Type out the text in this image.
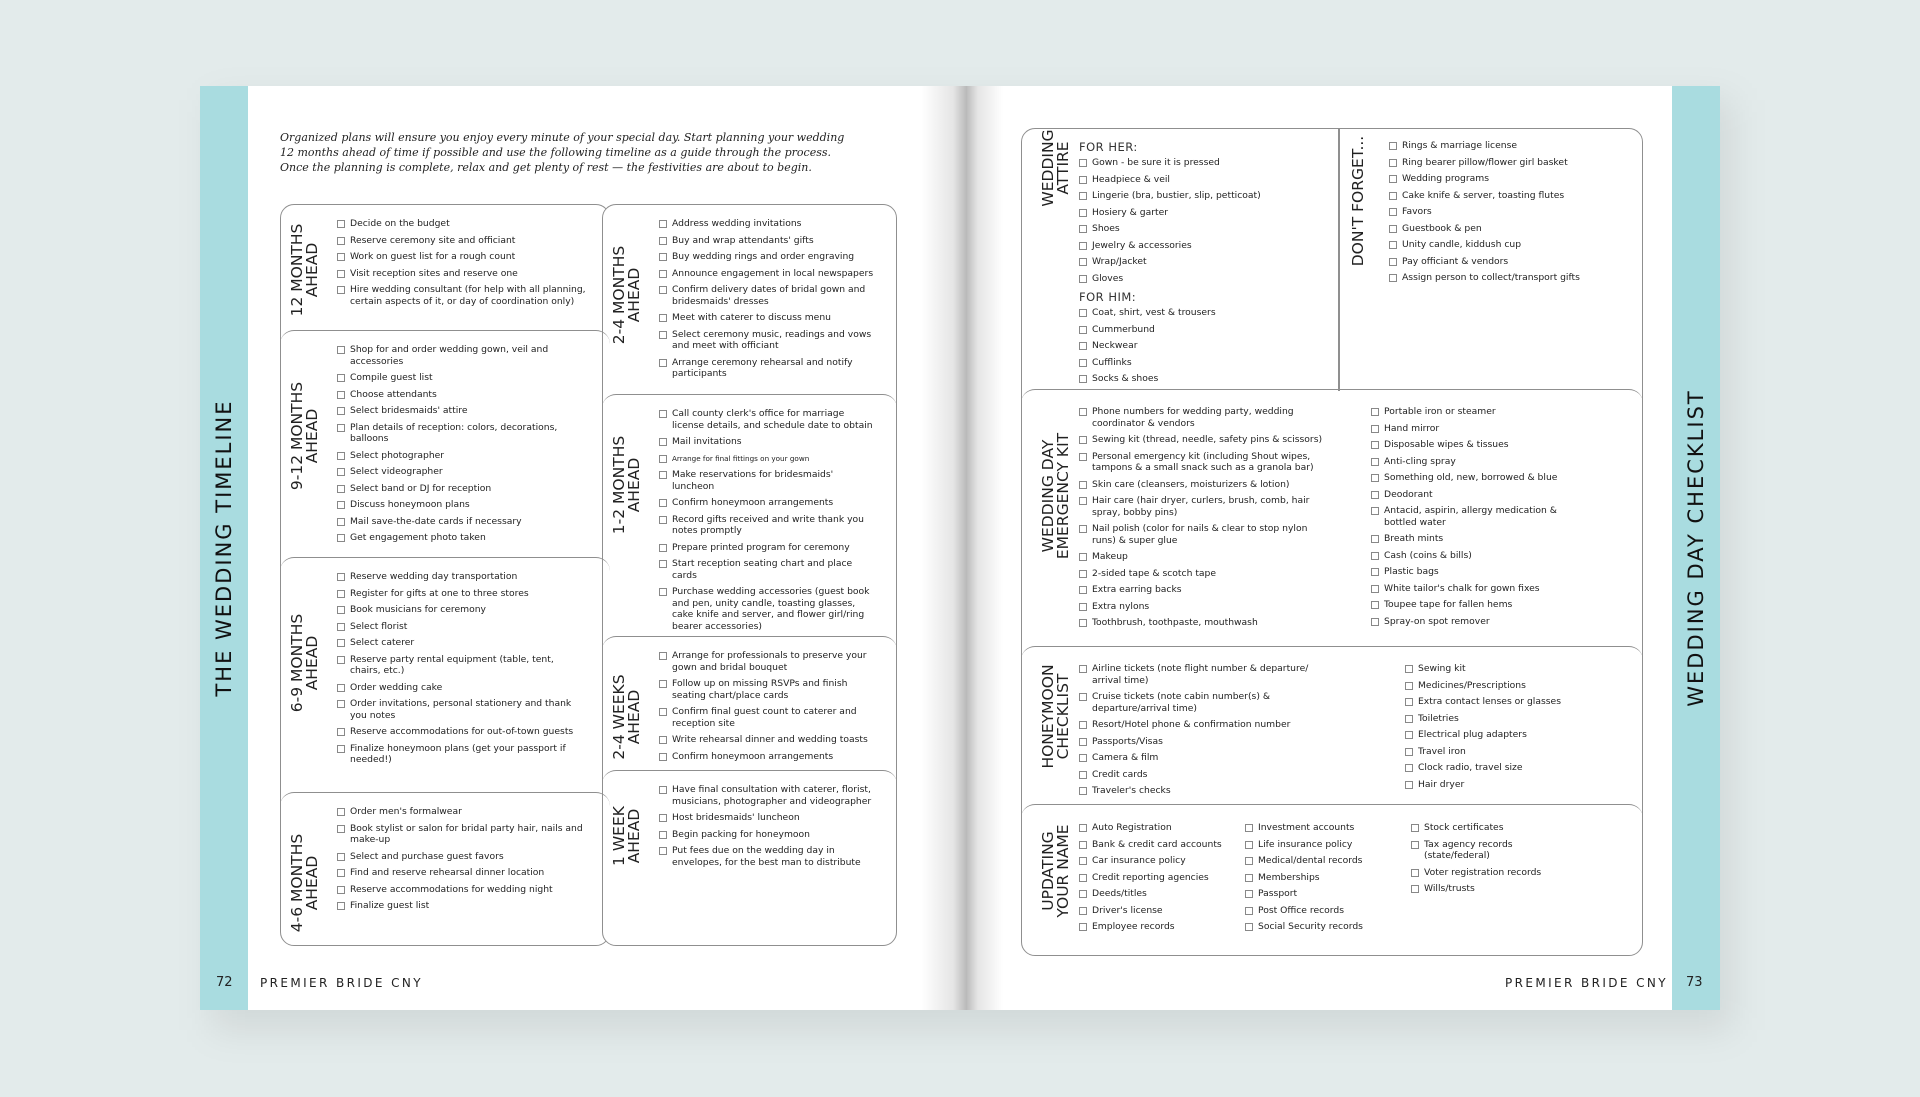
THE WEDDING TIMELINE
Organized plans will ensure you enjoy every minute of your special day. Start planning your wedding 12 months ahead of time if possible and use the following timeline as a guide through the process. Once the planning is complete, relax and get plenty of rest — the festivities are about to begin.
72 PREMIER BRIDE CNY
12 MONTHS
AHEAD
Decide on the budget
Reserve ceremony site and officiant
Work on guest list for a rough count
Visit reception sites and reserve one
Hire wedding consultant (for help with all planning, certain aspects of it, or day of coordination only)
9-12 MONTHS
AHEAD
Shop for and order wedding gown, veil and accessories
Compile guest list
Choose attendants
Select bridesmaids' attire
Plan details of reception: colors, decorations, balloons
Select photographer
Select videographer
Select band or DJ for reception
Discuss honeymoon plans
Mail save-the-date cards if necessary
Get engagement photo taken
6-9 MONTHS
AHEAD
Reserve wedding day transportation
Register for gifts at one to three stores
Book musicians for ceremony
Select florist
Select caterer
Reserve party rental equipment (table, tent, chairs, etc.)
Order wedding cake
Order invitations, personal stationery and thank you notes
Reserve accommodations for out-of-town guests
Finalize honeymoon plans (get your passport if needed!)
4-6 MONTHS
AHEAD
Order men's formalwear
Book stylist or salon for bridal party hair, nails and make-up
Select and purchase guest favors
Find and reserve rehearsal dinner location
Reserve accommodations for wedding night
Finalize guest list
2-4 MONTHS
AHEAD
Address wedding invitations
Buy and wrap attendants' gifts
Buy wedding rings and order engraving
Announce engagement in local newspapers
Confirm delivery dates of bridal gown and bridesmaids' dresses
Meet with caterer to discuss menu
Select ceremony music, readings and vows and meet with officiant
Arrange ceremony rehearsal and notify participants
1-2 MONTHS
AHEAD
Call county clerk's office for marriage license details, and schedule date to obtain
Mail invitations
Arrange for final fittings on your gown
Make reservations for bridesmaids' luncheon
Confirm honeymoon arrangements
Record gifts received and write thank you notes promptly
Prepare printed program for ceremony
Start reception seating chart and place cards
Purchase wedding accessories (guest book and pen, unity candle, toasting glasses, cake knife and server, and flower girl/ring bearer accessories)
2-4 WEEKS
AHEAD
Arrange for professionals to preserve your gown and bridal bouquet
Follow up on missing RSVPs and finish seating chart/place cards
Confirm final guest count to caterer and reception site
Write rehearsal dinner and wedding toasts
Confirm honeymoon arrangements
1 WEEK
AHEAD
Have final consultation with caterer, florist, musicians, photographer and videographer
Host bridesmaids' luncheon
Begin packing for honeymoon
Put fees due on the wedding day in envelopes, for the best man to distribute
WEDDING DAY CHECKLIST
WEDDING
ATTIRE FOR HER:
Gown - be sure it is pressed
Headpiece & veil
Lingerie (bra, bustier, slip, petticoat)
Hosiery & garter
Shoes
Jewelry & accessories
Wrap/Jacket
Gloves
FOR HIM:
Coat, shirt, vest & trousers
Cummerbund
Neckwear
Cufflinks
Socks & shoes
DON'T FORGET...	Rings & marriage license
Ring bearer pillow/flower girl basket
Wedding programs
Cake knife & server, toasting flutes
Favors
Guestbook & pen
Unity candle, kiddush cup
Pay officiant & vendors
Assign person to collect/transport gifts
WEDDING DAY
EMERGENCY KIT
Phone numbers for wedding party, wedding coordinator & vendors
Sewing kit (thread, needle, safety pins & scissors)
Personal emergency kit (including Shout wipes, tampons & a small snack such as a granola bar)
Skin care (cleansers, moisturizers & lotion)
Hair care (hair dryer, curlers, brush, comb, hair spray, bobby pins)
Nail polish (color for nails & clear to stop nylon runs) & super glue
Makeup
2-sided tape & scotch tape
Extra earring backs
Extra nylons
Toothbrush, toothpaste, mouthwash
Portable iron or steamer
Hand mirror
Disposable wipes & tissues
Anti-cling spray
Something old, new, borrowed & blue
Deodorant
Antacid, aspirin, allergy medication & bottled water
Breath mints
Cash (coins & bills)
Plastic bags
White tailor's chalk for gown fixes
Toupee tape for fallen hems
Spray-on spot remover
HONEYMOON
CHECKLIST
Airline tickets (note flight number & departure/ arrival time)
Cruise tickets (note cabin number(s) & departure/arrival time)
Resort/Hotel phone & confirmation number
Passports/Visas
Camera & film
Credit cards
Traveler's checks
Sewing kit
Medicines/Prescriptions
Extra contact lenses or glasses
Toiletries
Electrical plug adapters
Travel iron
Clock radio, travel size
Hair dryer
UPDATING
YOUR NAME	Auto Registration
Bank & credit card accounts
Car insurance policy
Credit reporting agencies
Deeds/titles
Driver's license
Employee records
Investment accounts
Life insurance policy
Medical/dental records
Memberships
Passport
Post Office records
Social Security records
Stock certificates
Tax agency records (state/federal)
Voter registration records
Wills/trusts
PREMIER BRIDE CNY 73
